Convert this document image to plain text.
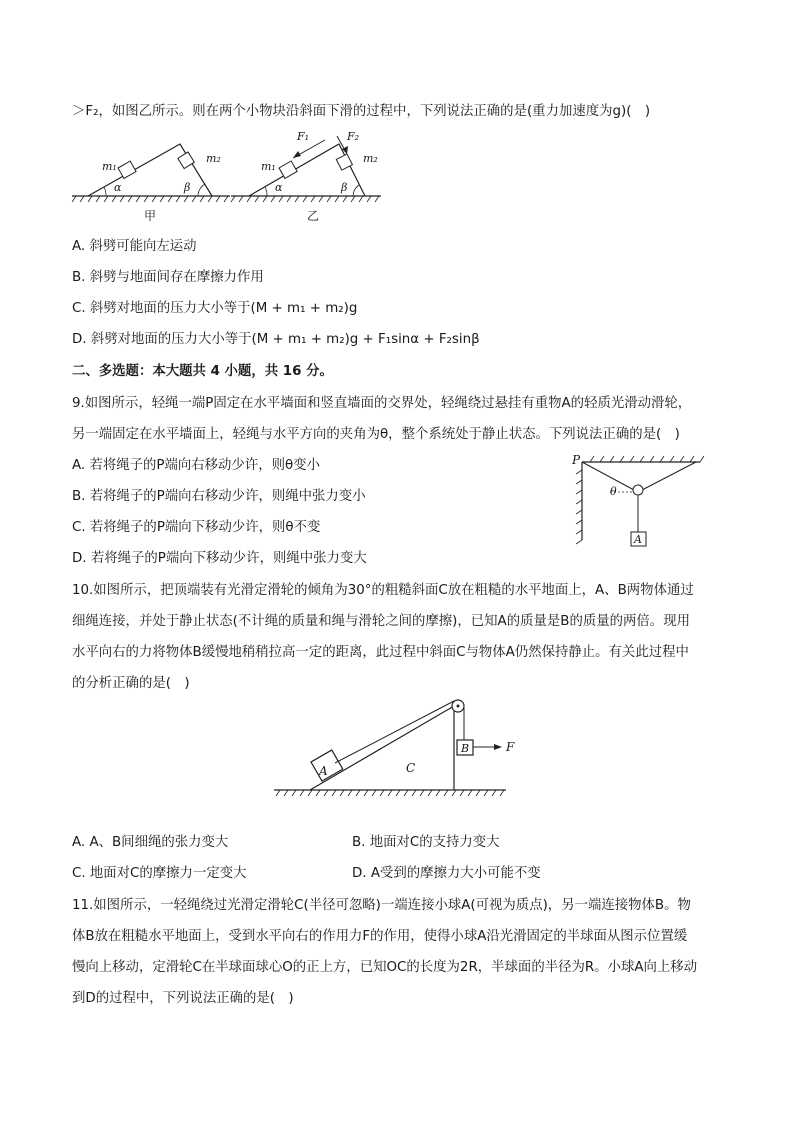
＞F₂，如图乙所示。则在两个小物块沿斜面下滑的过程中，下列说法正确的是(重力加速度为g)(　)
m₁
m₂
α	β
甲
F₁	F₂
m₁
m₂
α	β
乙
A. 斜劈可能向左运动
B. 斜劈与地面间存在摩擦力作用
C. 斜劈对地面的压力大小等于(M + m₁ + m₂)g
D. 斜劈对地面的压力大小等于(M + m₁ + m₂)g + F₁sinα + F₂sinβ
二、多选题：本大题共 4 小题，共 16 分。
9.如图所示，轻绳一端P固定在水平墙面和竖直墙面的交界处，轻绳绕过悬挂有重物A的轻质光滑动滑轮，
另一端固定在水平墙面上，轻绳与水平方向的夹角为θ，整个系统处于静止状态。下列说法正确的是(　)
A. 若将绳子的P端向右移动少许，则θ变小
B. 若将绳子的P端向右移动少许，则绳中张力变小
C. 若将绳子的P端向下移动少许，则θ不变
D. 若将绳子的P端向下移动少许，则绳中张力变大
P
θ
A
10.如图所示，把顶端装有光滑定滑轮的倾角为30°的粗糙斜面C放在粗糙的水平地面上，A、B两物体通过
细绳连接，并处于静止状态(不计绳的质量和绳与滑轮之间的摩擦)，已知A的质量是B的质量的两倍。现用
水平向右的力将物体B缓慢地稍稍拉高一定的距离，此过程中斜面C与物体A仍然保持静止。有关此过程中
的分析正确的是(　)
A	C
B	F
A. A、B间细绳的张力变大	B. 地面对C的支持力变大
C. 地面对C的摩擦力一定变大	D. A受到的摩擦力大小可能不变
11.如图所示，一轻绳绕过光滑定滑轮C(半径可忽略)一端连接小球A(可视为质点)，另一端连接物体B。物
体B放在粗糙水平地面上，受到水平向右的作用力F的作用，使得小球A沿光滑固定的半球面从图示位置缓
慢向上移动，定滑轮C在半球面球心O的正上方，已知OC的长度为2R，半球面的半径为R。小球A向上移动
到D的过程中，下列说法正确的是(　)
